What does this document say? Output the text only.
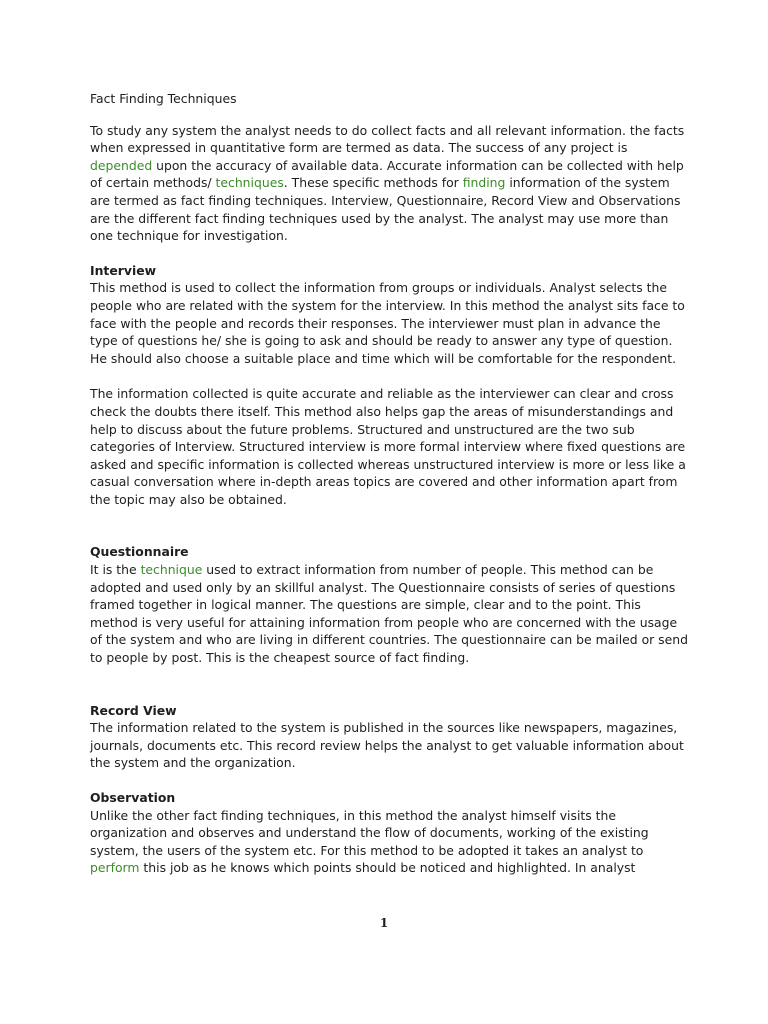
Fact Finding Techniques

To study any system the analyst needs to do collect facts and all relevant information. the facts when expressed in quantitative form are termed as data. The success of any project is depended upon the accuracy of available data. Accurate information can be collected with help of certain methods/ techniques. These specific methods for finding information of the system are termed as fact finding techniques. Interview, Questionnaire, Record View and Observations are the different fact finding techniques used by the analyst. The analyst may use more than one technique for investigation.

Interview

This method is used to collect the information from groups or individuals. Analyst selects the people who are related with the system for the interview. In this method the analyst sits face to face with the people and records their responses. The interviewer must plan in advance the type of questions he/ she is going to ask and should be ready to answer any type of question. He should also choose a suitable place and time which will be comfortable for the respondent.

The information collected is quite accurate and reliable as the interviewer can clear and cross check the doubts there itself. This method also helps gap the areas of misunderstandings and help to discuss about the future problems. Structured and unstructured are the two sub categories of Interview. Structured interview is more formal interview where fixed questions are asked and specific information is collected whereas unstructured interview is more or less like a casual conversation where in-depth areas topics are covered and other information apart from the topic may also be obtained.

Questionnaire

It is the technique used to extract information from number of people. This method can be adopted and used only by an skillful analyst. The Questionnaire consists of series of questions framed together in logical manner. The questions are simple, clear and to the point. This method is very useful for attaining information from people who are concerned with the usage of the system and who are living in different countries. The questionnaire can be mailed or send to people by post. This is the cheapest source of fact finding.

Record View

The information related to the system is published in the sources like newspapers, magazines, journals, documents etc. This record review helps the analyst to get valuable information about the system and the organization.

Observation

Unlike the other fact finding techniques, in this method the analyst himself visits the organization and observes and understand the flow of documents, working of the existing system, the users of the system etc. For this method to be adopted it takes an analyst to perform this job as he knows which points should be noticed and highlighted. In analyst

1
